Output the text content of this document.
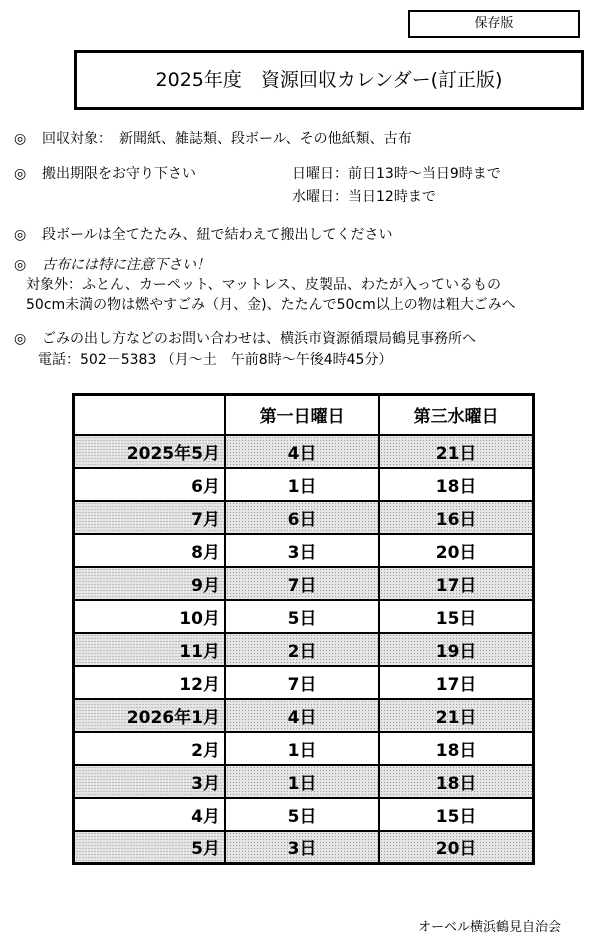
保存版
2025年度　資源回収カレンダー(訂正版)
◎ 回収対象：　新聞紙、雑誌類、段ボール、その他紙類、古布
◎ 搬出期限をお守り下さい	日曜日：前日13時～当日9時まで
水曜日：当日12時まで
◎ 段ボールは全てたたみ、紐で結わえて搬出してください
◎ 古布には特に注意下さい！
対象外：ふとん、カーペット、マットレス、皮製品、わたが入っているもの
50cm未満の物は燃やすごみ（月、金)、たたんで50cm以上の物は粗大ごみへ
◎ ごみの出し方などのお問い合わせは、横浜市資源循環局鶴見事務所へ
電話：502－5383 （月～土　午前8時～午後4時45分）
	第一日曜日	第三水曜日
2025年5月	4日	21日
6月	1日	18日
7月	6日	16日
8月	3日	20日
9月	7日	17日
10月	5日	15日
11月	2日	19日
12月	7日	17日
2026年1月	4日	21日
2月	1日	18日
3月	1日	18日
4月	5日	15日
5月	3日	20日
オーベル横浜鶴見自治会
